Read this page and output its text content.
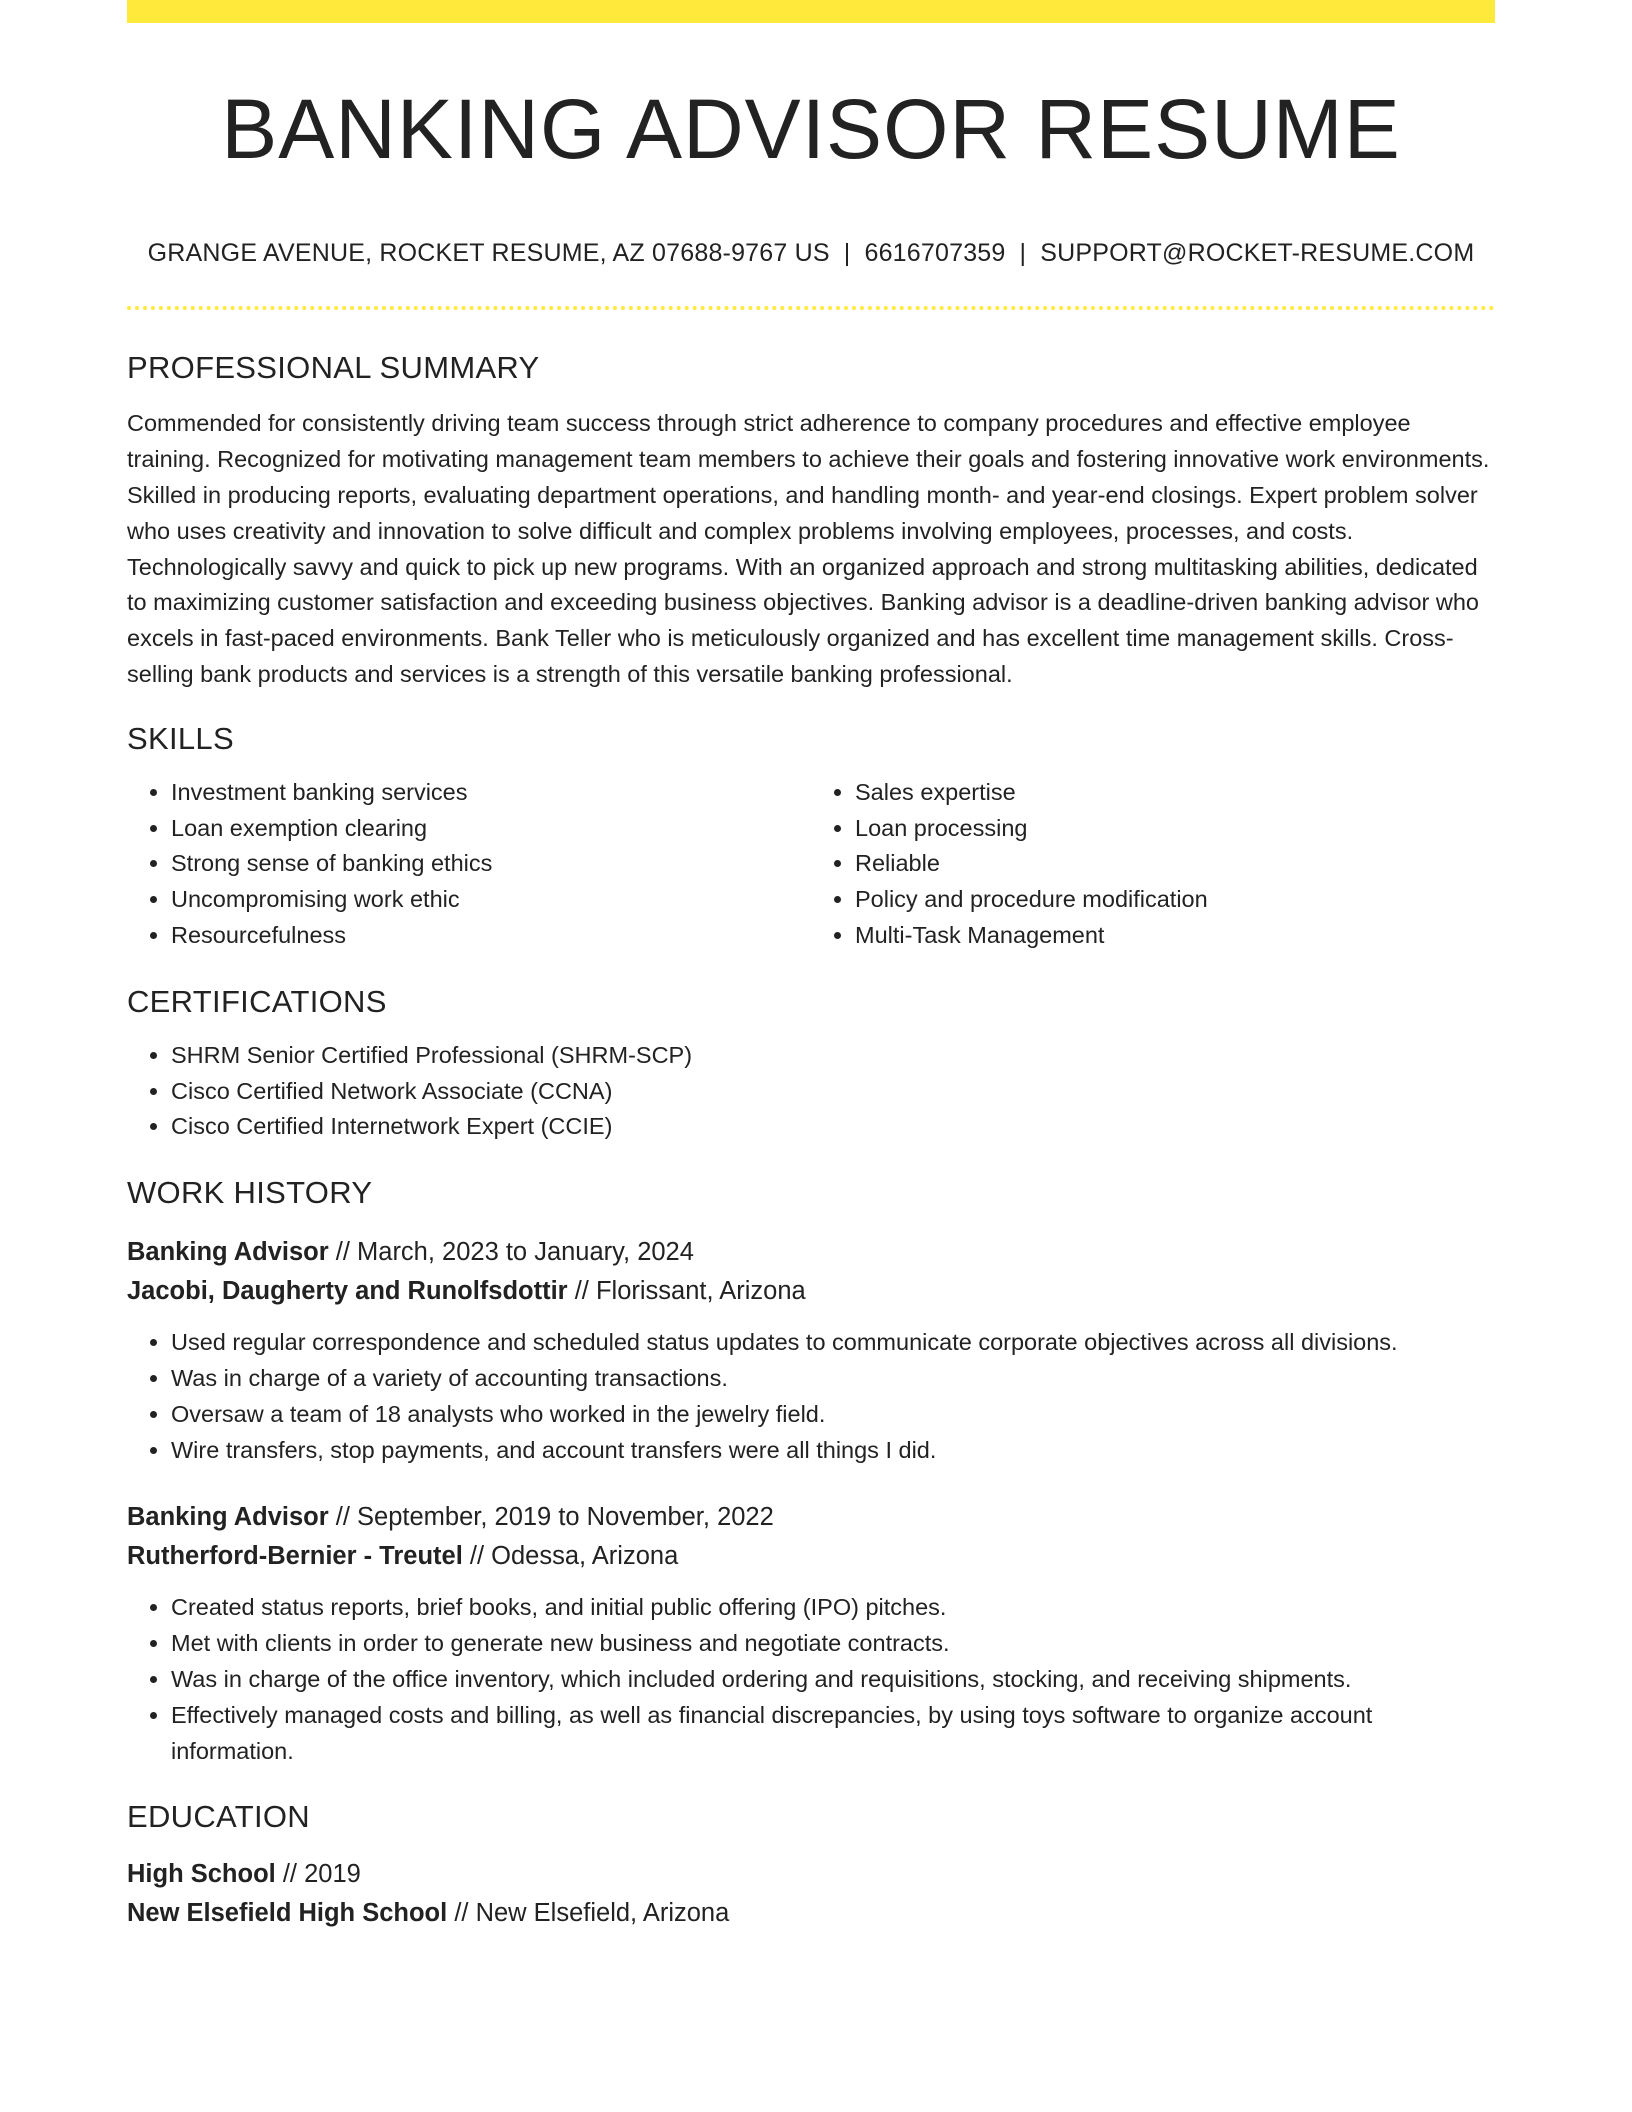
BANKING ADVISOR RESUME
GRANGE AVENUE, ROCKET RESUME, AZ 07688-9767 US | 6616707359 | SUPPORT@ROCKET-RESUME.COM
PROFESSIONAL SUMMARY
Commended for consistently driving team success through strict adherence to company procedures and effective employee training. Recognized for motivating management team members to achieve their goals and fostering innovative work environments. Skilled in producing reports, evaluating department operations, and handling month- and year-end closings. Expert problem solver who uses creativity and innovation to solve difficult and complex problems involving employees, processes, and costs. Technologically savvy and quick to pick up new programs. With an organized approach and strong multitasking abilities, dedicated to maximizing customer satisfaction and exceeding business objectives. Banking advisor is a deadline-driven banking advisor who excels in fast-paced environments. Bank Teller who is meticulously organized and has excellent time management skills. Cross-selling bank products and services is a strength of this versatile banking professional.
SKILLS
• Investment banking services
• Loan exemption clearing
• Strong sense of banking ethics
• Uncompromising work ethic
• Resourcefulness
• Sales expertise
• Loan processing
• Reliable
• Policy and procedure modification
• Multi-Task Management
CERTIFICATIONS
• SHRM Senior Certified Professional (SHRM-SCP)
• Cisco Certified Network Associate (CCNA)
• Cisco Certified Internetwork Expert (CCIE)
WORK HISTORY
Banking Advisor // March, 2023 to January, 2024
Jacobi, Daugherty and Runolfsdottir // Florissant, Arizona
• Used regular correspondence and scheduled status updates to communicate corporate objectives across all divisions.
• Was in charge of a variety of accounting transactions.
• Oversaw a team of 18 analysts who worked in the jewelry field.
• Wire transfers, stop payments, and account transfers were all things I did.
Banking Advisor // September, 2019 to November, 2022
Rutherford-Bernier - Treutel // Odessa, Arizona
• Created status reports, brief books, and initial public offering (IPO) pitches.
• Met with clients in order to generate new business and negotiate contracts.
• Was in charge of the office inventory, which included ordering and requisitions, stocking, and receiving shipments.
• Effectively managed costs and billing, as well as financial discrepancies, by using toys software to organize account information.
EDUCATION
High School // 2019
New Elsefield High School // New Elsefield, Arizona
